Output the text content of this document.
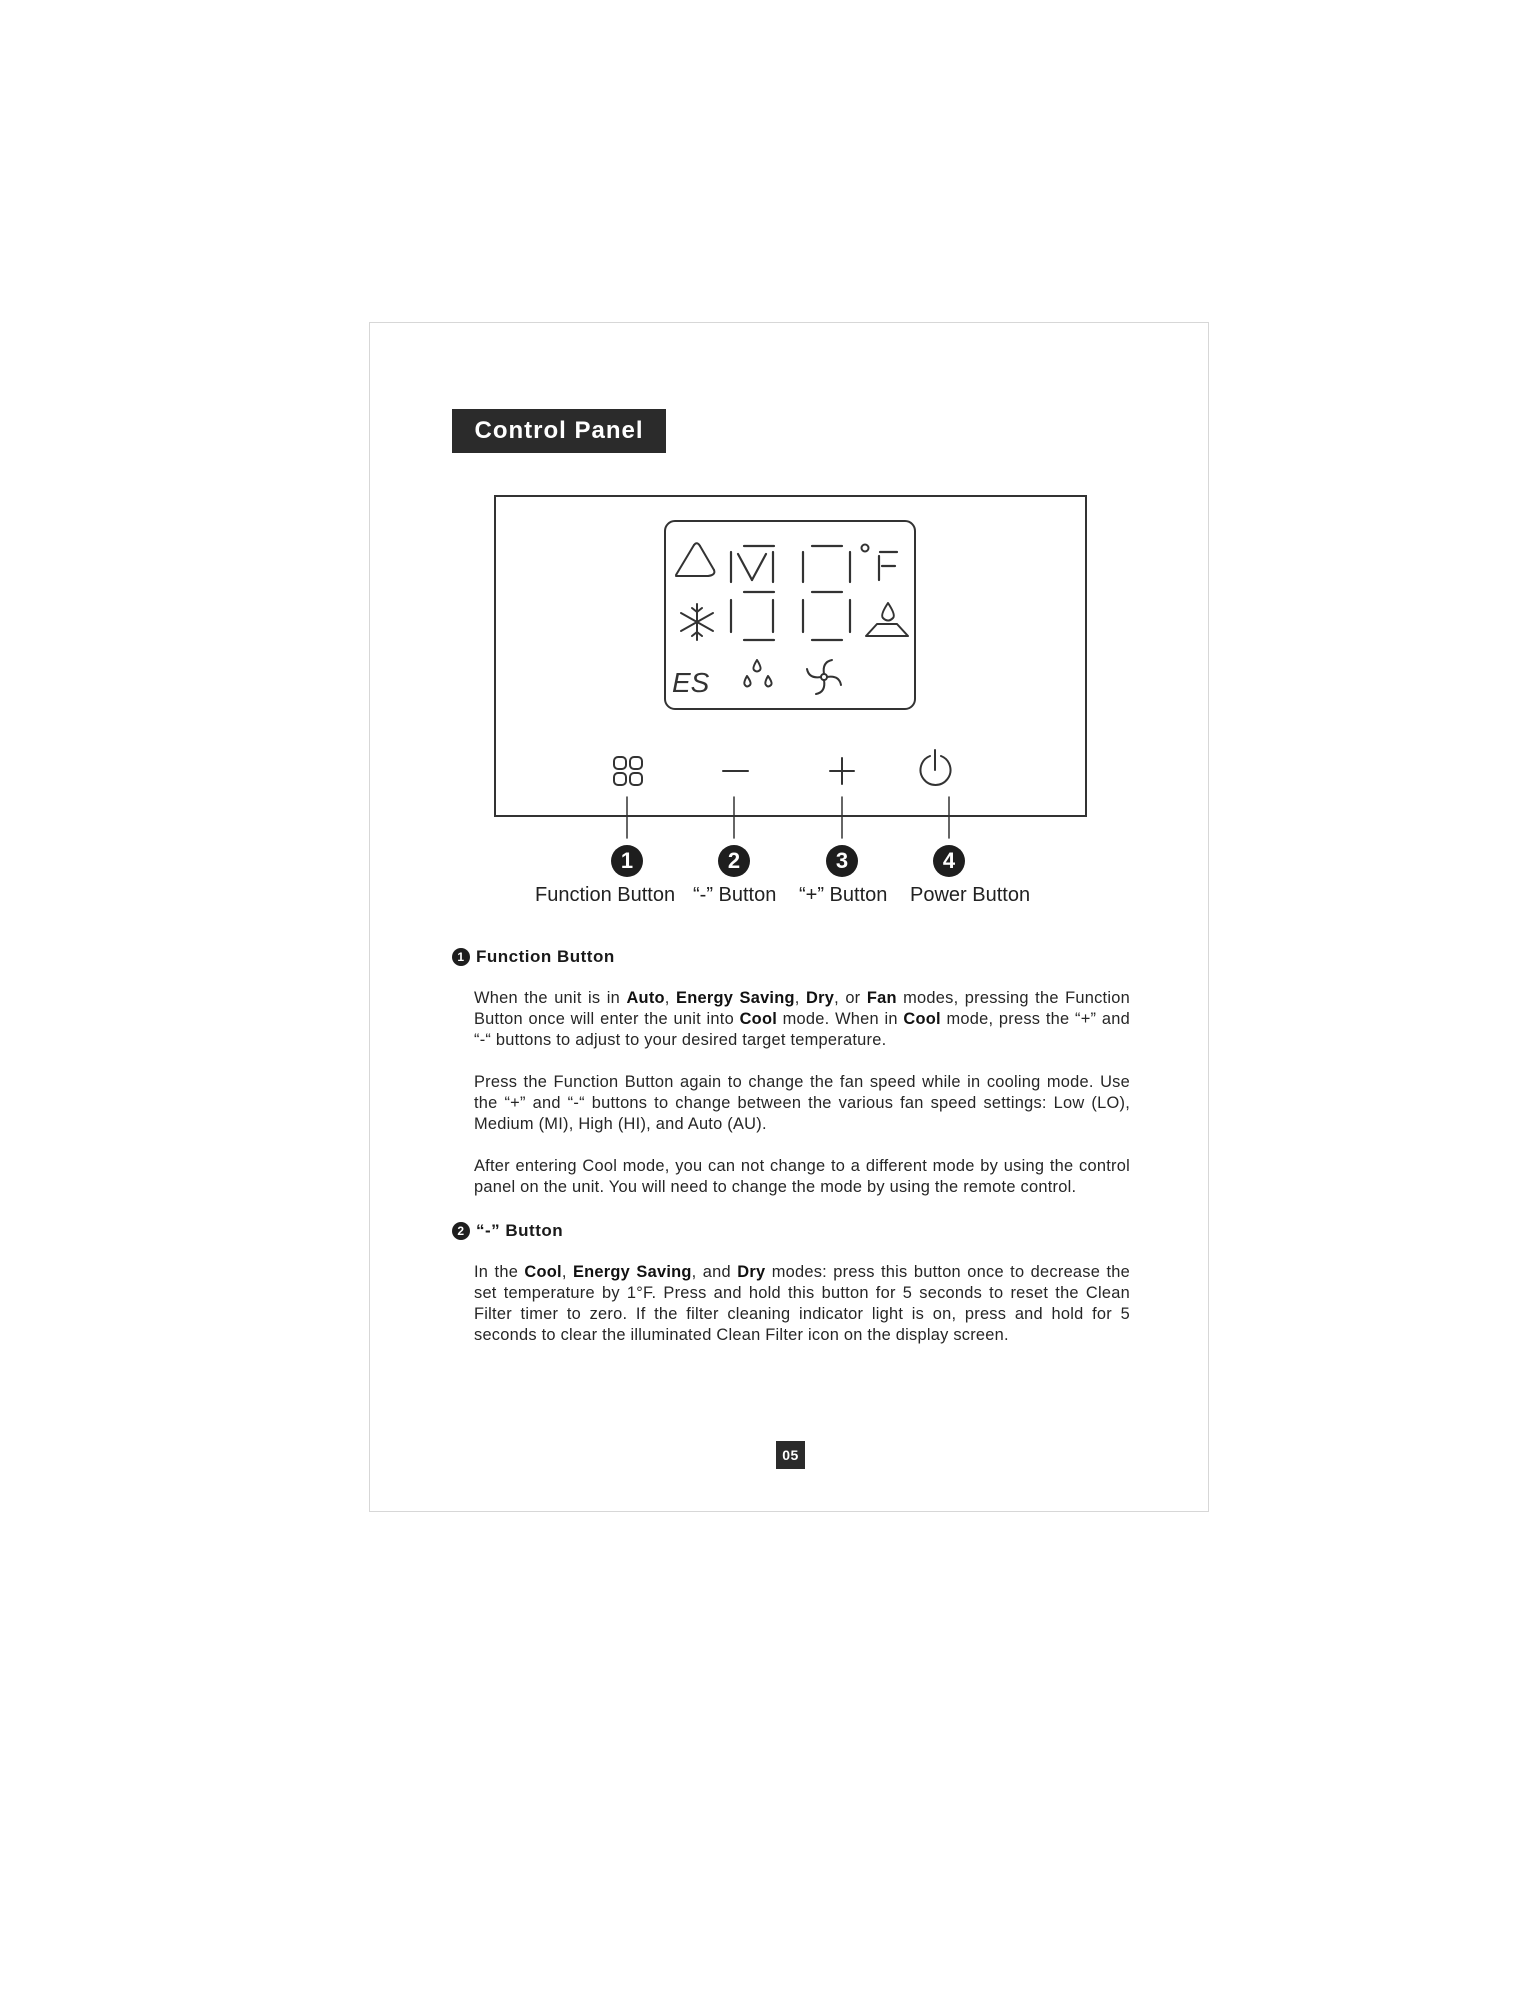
Control Panel
ES
1	2	3	4
Function Button “-” Button “+” Button Power Button
1 Function Button

When the unit is in Auto, Energy Saving, Dry, or Fan modes, pressing the Function Button once will enter the unit into Cool mode. When in Cool mode, press the “+” and “-“ buttons to adjust to your desired target temperature.

Press the Function Button again to change the fan speed while in cooling mode. Use the “+” and “-“ buttons to change between the various fan speed settings: Low (LO), Medium (MI), High (HI), and Auto (AU).

After entering Cool mode, you can not change to a different mode by using the control panel on the unit. You will need to change the mode by using the remote control.

2 “-” Button

In the Cool, Energy Saving, and Dry modes: press this button once to decrease the set temperature by 1°F. Press and hold this button for 5 seconds to reset the Clean Filter timer to zero. If the filter cleaning indicator light is on, press and hold for 5 seconds to clear the illuminated Clean Filter icon on the display screen.

05
